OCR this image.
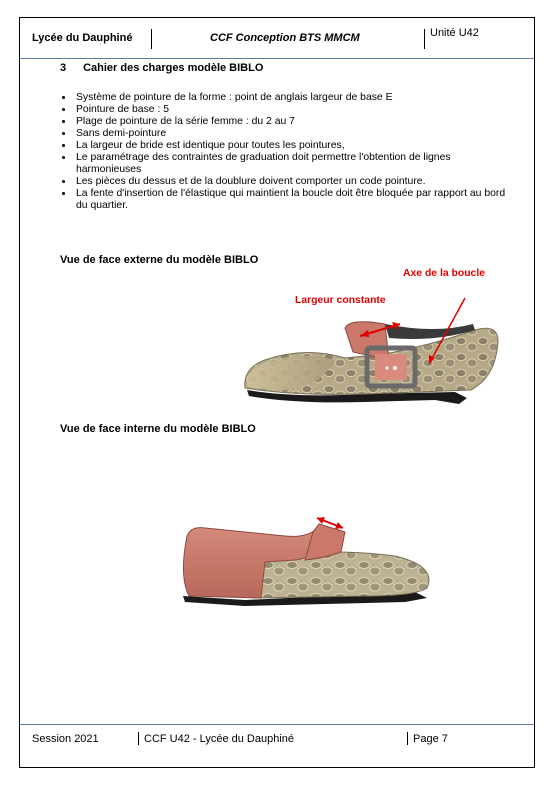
Lycée du Dauphiné	CCF Conception BTS MMCM	Unité U42
3 Cahier des charges modèle BIBLO
• Système de pointure de la forme : point de anglais largeur de base E
• Pointure de base : 5
• Plage de pointure de la série femme : du 2 au 7
• Sans demi-pointure
• La largeur de bride est identique pour toutes les pointures,
• Le paramétrage des contraintes de graduation doit permettre l'obtention de lignes harmonieuses
• Les pièces du dessus et de la doublure doivent comporter un code pointure.
• La fente d'insertion de l'élastique qui maintient la boucle doit être bloquée par rapport au bord du quartier.
Vue de face externe du modèle BIBLO
Axe de la boucle
Largeur constante
Vue de face interne du modèle BIBLO
Session 2021	CCF U42 - Lycée du Dauphiné	Page 7
